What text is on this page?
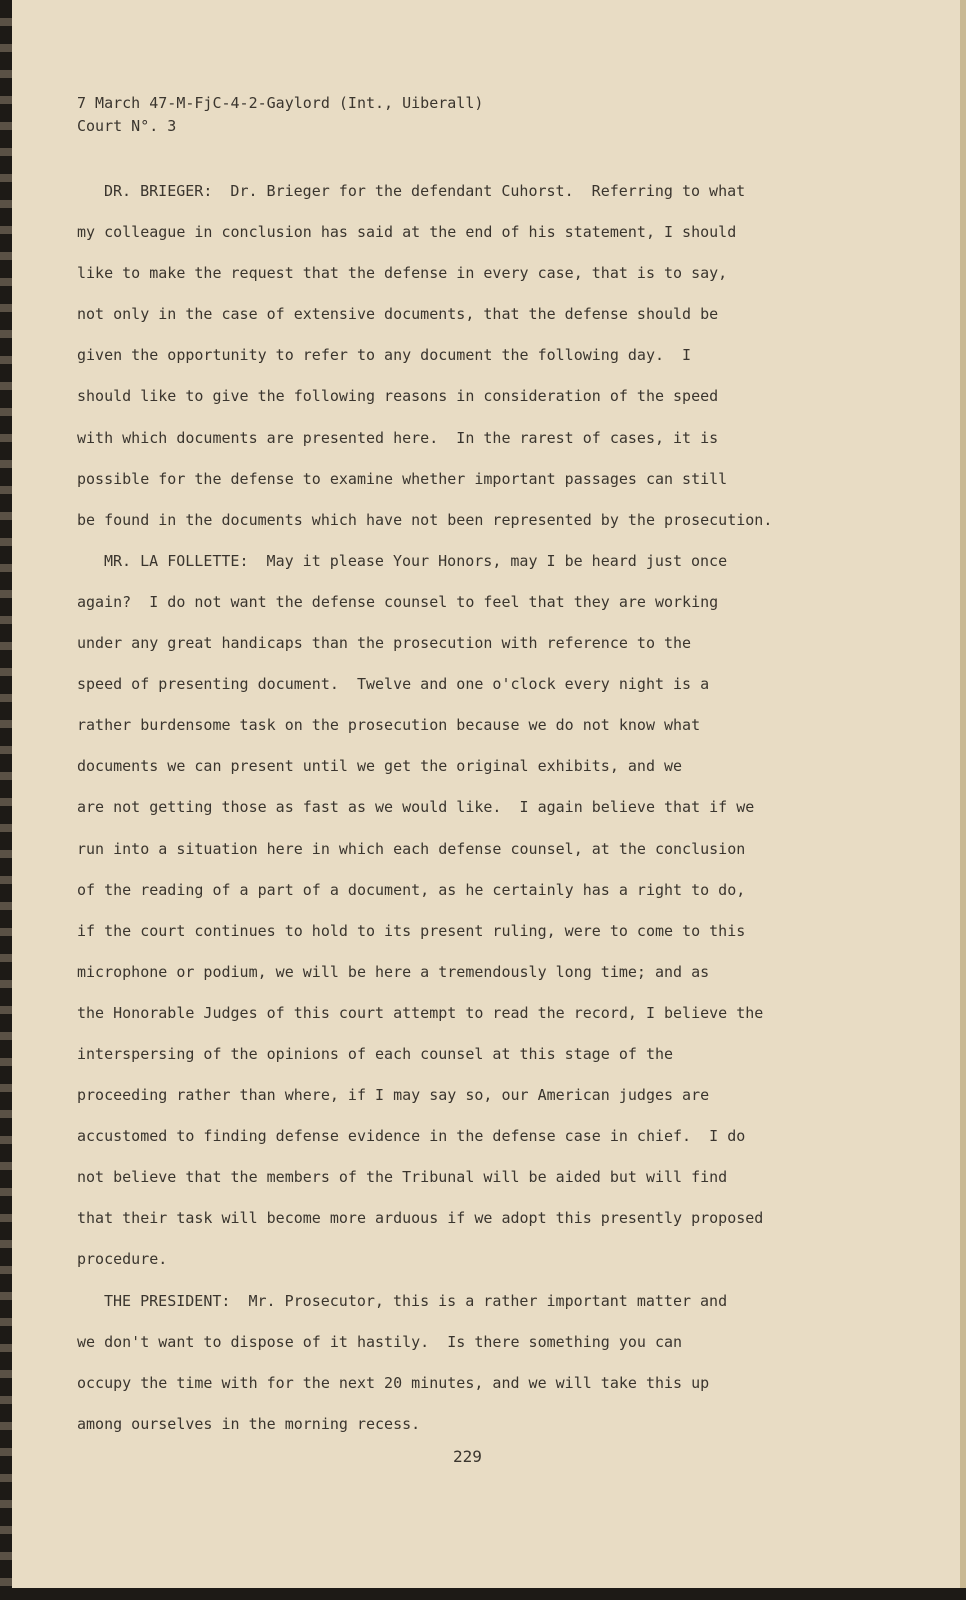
7 March 47-M-FjC-4-2-Gaylord (Int., Uiberall)
Court N°. 3
DR. BRIEGER:  Dr. Brieger for the defendant Cuhorst.  Referring to what
my colleague in conclusion has said at the end of his statement, I should
like to make the request that the defense in every case, that is to say,
not only in the case of extensive documents, that the defense should be
given the opportunity to refer to any document the following day.  I
should like to give the following reasons in consideration of the speed
with which documents are presented here.  In the rarest of cases, it is
possible for the defense to examine whether important passages can still
be found in the documents which have not been represented by the prosecution.
MR. LA FOLLETTE:  May it please Your Honors, may I be heard just once
again?  I do not want the defense counsel to feel that they are working
under any great handicaps than the prosecution with reference to the
speed of presenting document.  Twelve and one o'clock every night is a
rather burdensome task on the prosecution because we do not know what
documents we can present until we get the original exhibits, and we
are not getting those as fast as we would like.  I again believe that if we
run into a situation here in which each defense counsel, at the conclusion
of the reading of a part of a document, as he certainly has a right to do,
if the court continues to hold to its present ruling, were to come to this
microphone or podium, we will be here a tremendously long time; and as
the Honorable Judges of this court attempt to read the record, I believe the
interspersing of the opinions of each counsel at this stage of the
proceeding rather than where, if I may say so, our American judges are
accustomed to finding defense evidence in the defense case in chief.  I do
not believe that the members of the Tribunal will be aided but will find
that their task will become more arduous if we adopt this presently proposed
procedure.
THE PRESIDENT:  Mr. Prosecutor, this is a rather important matter and
we don't want to dispose of it hastily.  Is there something you can
occupy the time with for the next 20 minutes, and we will take this up
among ourselves in the morning recess.
229
